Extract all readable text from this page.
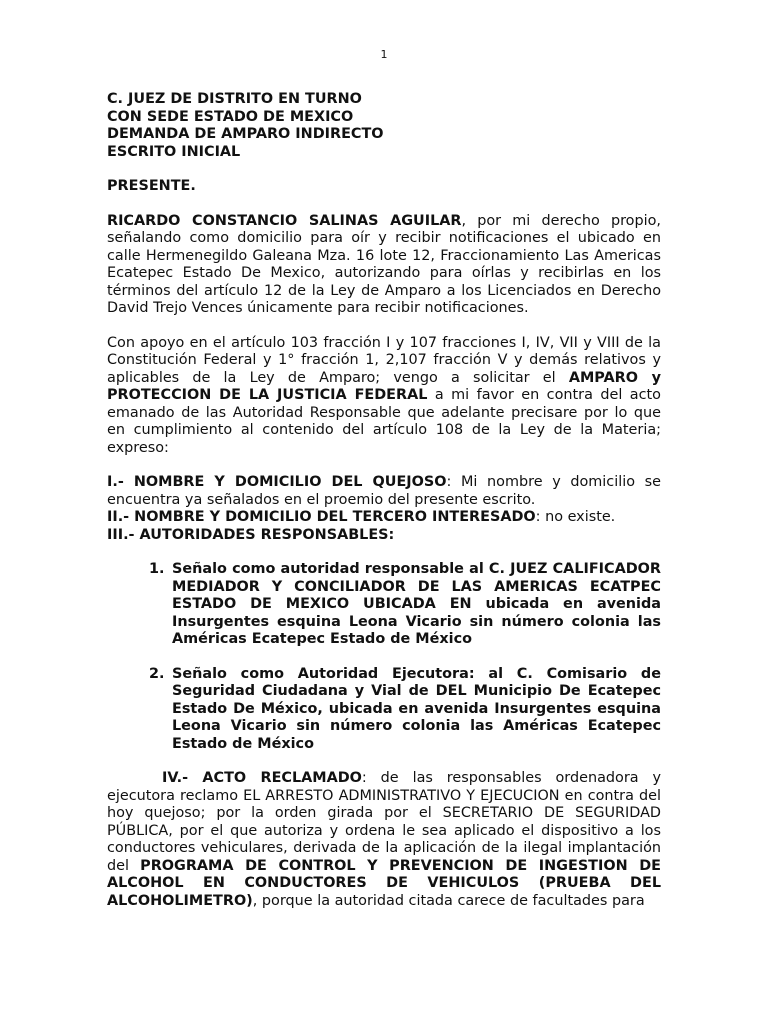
1

C. JUEZ DE DISTRITO EN TURNO

CON SEDE ESTADO DE MEXICO

DEMANDA DE AMPARO INDIRECTO

ESCRITO INICIAL

PRESENTE.

RICARDO CONSTANCIO SALINAS AGUILAR, por mi derecho propio, señalando como domicilio para oír y recibir notificaciones el ubicado en calle Hermenegildo Galeana Mza. 16 lote 12, Fraccionamiento Las Americas Ecatepec Estado De Mexico, autorizando para oírlas y recibirlas en los términos del artículo 12 de la Ley de Amparo a los Licenciados en Derecho David Trejo Vences únicamente para recibir notificaciones.

Con apoyo en el artículo 103 fracción I y 107 fracciones I, IV, VII y VIII de la Constitución Federal y 1° fracción 1, 2,107 fracción V y demás relativos y aplicables de la Ley de Amparo; vengo a solicitar el AMPARO y PROTECCION DE LA JUSTICIA FEDERAL a mi favor en contra del acto emanado de las Autoridad Responsable que adelante precisare por lo que en cumplimiento al contenido del artículo 108 de la Ley de la Materia; expreso:

I.- NOMBRE Y DOMICILIO DEL QUEJOSO: Mi nombre y domicilio se encuentra ya señalados en el proemio del presente escrito.

II.- NOMBRE Y DOMICILIO DEL TERCERO INTERESADO: no existe.

III.- AUTORIDADES RESPONSABLES:

1. Señalo como autoridad responsable al C. JUEZ CALIFICADOR MEDIADOR Y CONCILIADOR DE LAS AMERICAS ECATPEC ESTADO DE MEXICO UBICADA EN ubicada en avenida Insurgentes esquina Leona Vicario sin número colonia las Américas Ecatepec Estado de México
2. Señalo como Autoridad Ejecutora: al C. Comisario de Seguridad Ciudadana y Vial de DEL Municipio De Ecatepec Estado De México, ubicada en avenida Insurgentes esquina Leona Vicario sin número colonia las Américas Ecatepec Estado de México

IV.- ACTO RECLAMADO: de las responsables ordenadora y ejecutora reclamo EL ARRESTO ADMINISTRATIVO Y EJECUCION en contra del hoy quejoso; por la orden girada por el SECRETARIO DE SEGURIDAD PÚBLICA, por el que autoriza y ordena le sea aplicado el dispositivo a los conductores vehiculares, derivada de la aplicación de la ilegal implantación del PROGRAMA DE CONTROL Y PREVENCION DE INGESTION DE ALCOHOL EN CONDUCTORES DE VEHICULOS (PRUEBA DEL ALCOHOLIMETRO), porque la autoridad citada carece de facultades para
